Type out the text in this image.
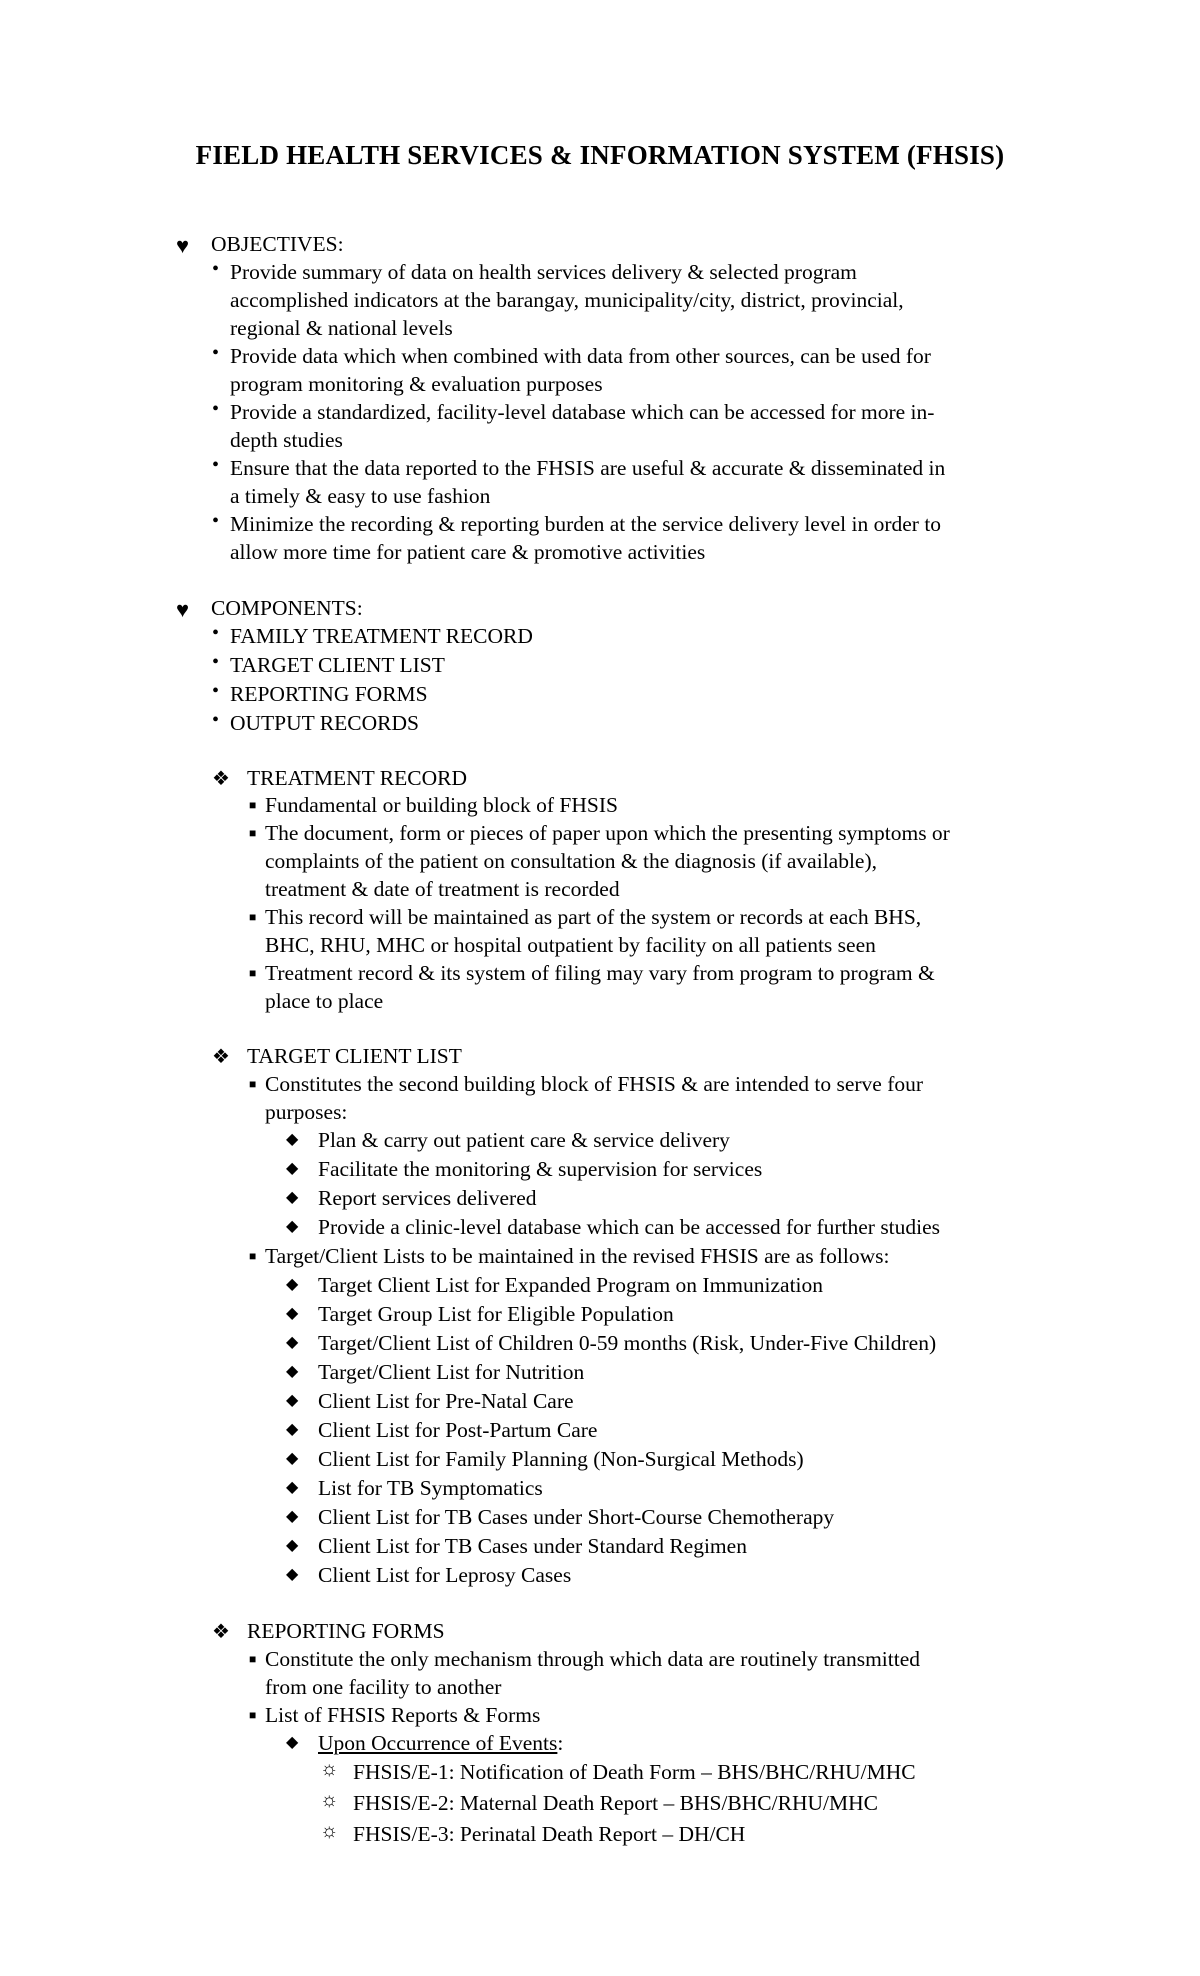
FIELD HEALTH SERVICES & INFORMATION SYSTEM (FHSIS)
♥ OBJECTIVES:
• Provide summary of data on health services delivery & selected program
accomplished indicators at the barangay, municipality/city, district, provincial,
regional & national levels
• Provide data which when combined with data from other sources, can be used for
program monitoring & evaluation purposes
• Provide a standardized, facility-level database which can be accessed for more in-
depth studies
• Ensure that the data reported to the FHSIS are useful & accurate & disseminated in
a timely & easy to use fashion
• Minimize the recording & reporting burden at the service delivery level in order to
allow more time for patient care & promotive activities
♥ COMPONENTS:
• FAMILY TREATMENT RECORD
• TARGET CLIENT LIST
• REPORTING FORMS
• OUTPUT RECORDS
❖ TREATMENT RECORD
■ Fundamental or building block of FHSIS
■ The document, form or pieces of paper upon which the presenting symptoms or
complaints of the patient on consultation & the diagnosis (if available),
treatment & date of treatment is recorded
■ This record will be maintained as part of the system or records at each BHS,
BHC, RHU, MHC or hospital outpatient by facility on all patients seen
■ Treatment record & its system of filing may vary from program to program &
place to place
❖ TARGET CLIENT LIST
■ Constitutes the second building block of FHSIS & are intended to serve four
purposes:
◆ Plan & carry out patient care & service delivery
◆ Facilitate the monitoring & supervision for services
◆ Report services delivered
◆ Provide a clinic-level database which can be accessed for further studies
■ Target/Client Lists to be maintained in the revised FHSIS are as follows:
◆ Target Client List for Expanded Program on Immunization
◆ Target Group List for Eligible Population
◆ Target/Client List of Children 0-59 months (Risk, Under-Five Children)
◆ Target/Client List for Nutrition
◆ Client List for Pre-Natal Care
◆ Client List for Post-Partum Care
◆ Client List for Family Planning (Non-Surgical Methods)
◆ List for TB Symptomatics
◆ Client List for TB Cases under Short-Course Chemotherapy
◆ Client List for TB Cases under Standard Regimen
◆ Client List for Leprosy Cases
❖ REPORTING FORMS
■ Constitute the only mechanism through which data are routinely transmitted
from one facility to another
■ List of FHSIS Reports & Forms
◆ Upon Occurrence of Events:
☼ FHSIS/E-1: Notification of Death Form – BHS/BHC/RHU/MHC
☼ FHSIS/E-2: Maternal Death Report – BHS/BHC/RHU/MHC
☼ FHSIS/E-3: Perinatal Death Report – DH/CH
